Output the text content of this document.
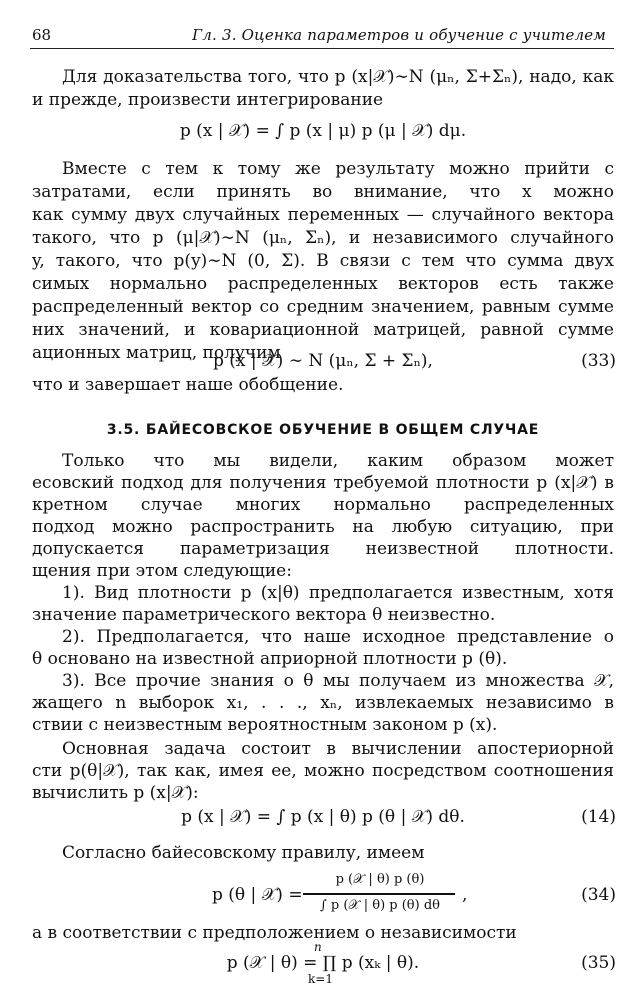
68	Гл. 3. Оценка параметров и обучение с учителем
Для доказательства того, что p (x|𝒳)∼N (μₙ, Σ+Σₙ), надо, как
и прежде, произвести интегрирование
p (x | 𝒳) = ∫ p (x | μ) p (μ | 𝒳) dμ.
Вместе с тем к тому же результату можно прийти с
затратами, если принять во внимание, что x можно
как сумму двух случайных переменных — случайного вектора
такого, что p (μ|𝒳)∼N (μₙ, Σₙ), и независимого случайного
y, такого, что p(y)∼N (0, Σ). В связи с тем что сумма двух
симых нормально распределенных векторов есть также
распределенный вектор со средним значением, равным сумме
них значений, и ковариационной матрицей, равной сумме
ационных матриц, получим
p (x | 𝒳) ∼ N (μₙ, Σ + Σₙ),	(33)
что и завершает наше обобщение.
3.5. БАЙЕСОВСКОЕ ОБУЧЕНИЕ В ОБЩЕМ СЛУЧАЕ
Только что мы видели, каким образом может
есовский подход для получения требуемой плотности p (x|𝒳) в
кретном случае многих нормально распределенных
подход можно распространить на любую ситуацию, при
допускается параметризация неизвестной плотности.
щения при этом следующие:
1). Вид плотности p (x|θ) предполагается известным, хотя
значение параметрического вектора θ неизвестно.
2). Предполагается, что наше исходное представление о
θ основано на известной априорной плотности p (θ).
3). Все прочие знания о θ мы получаем из множества 𝒳,
жащего n выборок x₁, . . ., xₙ, извлекаемых независимо в
ствии с неизвестным вероятностным законом p (x).
Основная задача состоит в вычислении апостериорной
сти p(θ|𝒳), так как, имея ее, можно посредством соотношения
вычислить p (x|𝒳):
p (x | 𝒳) = ∫ p (x | θ) p (θ | 𝒳) dθ.	(14)
Согласно байесовскому правилу, имеем
p (θ | 𝒳) =
p (𝒳 | θ) p (θ)
∫ p (𝒳 | θ) p (θ) dθ
,	(34)
а в соответствии с предположением о независимости
n
p (𝒳 | θ) = ∏ p (xₖ | θ).
k=1
(35)
